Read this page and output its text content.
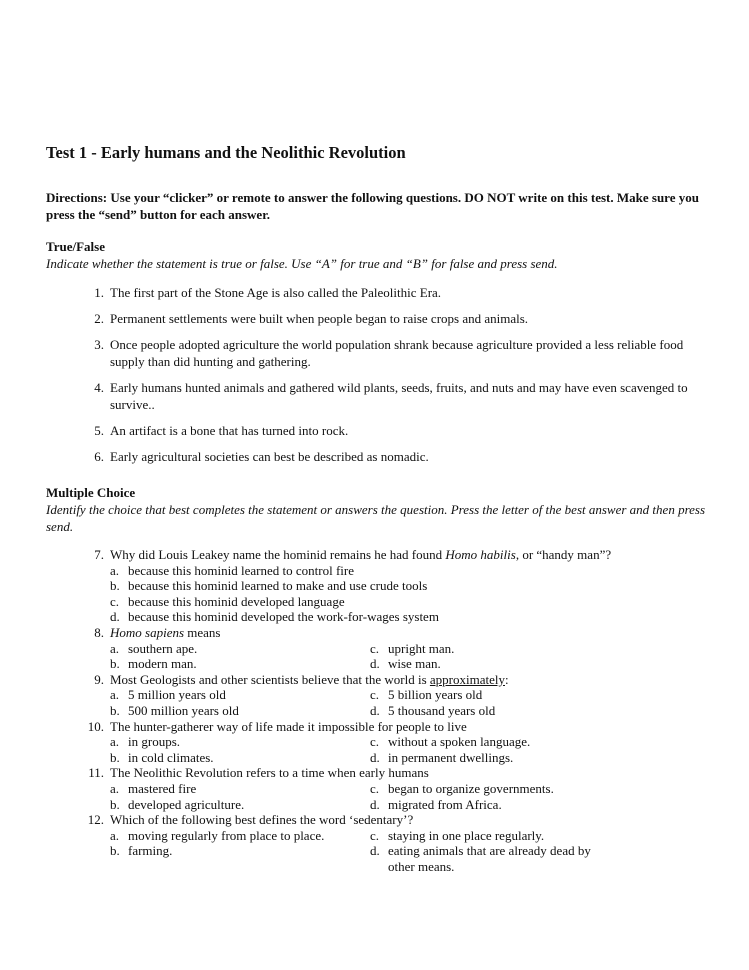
Test 1 - Early humans and the Neolithic Revolution
Directions: Use your “clicker” or remote to answer the following questions. DO NOT write on this test. Make sure you press the “send” button for each answer.
True/False
Indicate whether the statement is true or false. Use “A” for true and “B” for false and press send.
1. The first part of the Stone Age is also called the Paleolithic Era.
2. Permanent settlements were built when people began to raise crops and animals.
3. Once people adopted agriculture the world population shrank because agriculture provided a less reliable food supply than did hunting and gathering.
4. Early humans hunted animals and gathered wild plants, seeds, fruits, and nuts and may have even scavenged to survive..
5. An artifact is a bone that has turned into rock.
6. Early agricultural societies can best be described as nomadic.
Multiple Choice
Identify the choice that best completes the statement or answers the question. Press the letter of the best answer and then press send.
7. Why did Louis Leakey name the hominid remains he had found Homo habilis, or “handy man”?
a. because this hominid learned to control fire
b. because this hominid learned to make and use crude tools
c. because this hominid developed language
d. because this hominid developed the work-for-wages system
8. Homo sapiens means
a. southern ape.	c. upright man.
b. modern man.	d. wise man.
9. Most Geologists and other scientists believe that the world is approximately:
a. 5 million years old	c. 5 billion years old
b. 500 million years old	d. 5 thousand years old
10. The hunter-gatherer way of life made it impossible for people to live
a. in groups.	c. without a spoken language.
b. in cold climates.	d. in permanent dwellings.
11. The Neolithic Revolution refers to a time when early humans
a. mastered fire	c. began to organize governments.
b. developed agriculture.	d. migrated from Africa.
12. Which of the following best defines the word ‘sedentary’?
a. moving regularly from place to place.	c. staying in one place regularly.
b. farming.	d. eating animals that are already dead by other means.
